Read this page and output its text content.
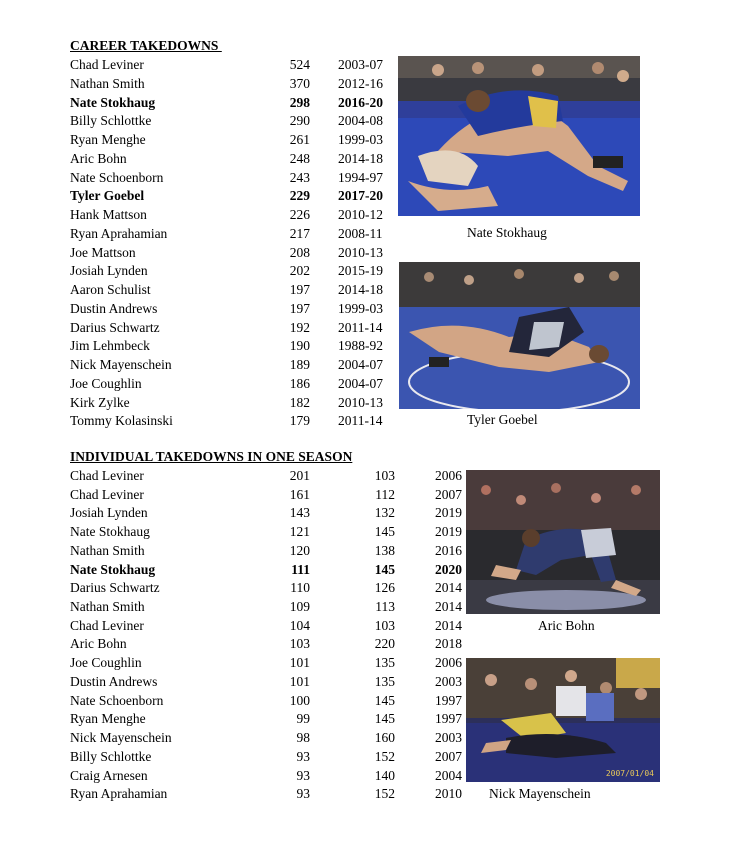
CAREER TAKEDOWNS
Chad Leviner	524 2003-07
Nathan Smith	370 2012-16
Nate Stokhaug	298 2016-20
Billy Schlottke	290 2004-08
Ryan Menghe	261 1999-03
Aric Bohn	248 2014-18
Nate Schoenborn	243 1994-97
Tyler Goebel	229 2017-20
Hank Mattson	226 2010-12
Ryan Aprahamian	217 2008-11
Joe Mattson	208 2010-13
Josiah Lynden	202 2015-19
Aaron Schulist	197 2014-18
Dustin Andrews	197 1999-03
Darius Schwartz	192 2011-14
Jim Lehmbeck	190 1988-92
Nick Mayenschein	189 2004-07
Joe Coughlin	186 2004-07
Kirk Zylke	182 2010-13
Tommy Kolasinski	179 2011-14
INDIVIDUAL TAKEDOWNS IN ONE SEASON
Chad Leviner	201	103	2006
Chad Leviner	161	112	2007
Josiah Lynden	143	132	2019
Nate Stokhaug	121	145	2019
Nathan Smith	120	138	2016
Nate Stokhaug	111	145	2020
Darius Schwartz	110	126	2014
Nathan Smith	109	113	2014
Chad Leviner	104	103	2014
Aric Bohn	103	220	2018
Joe Coughlin	101	135	2006
Dustin Andrews	101	135	2003
Nate Schoenborn	100	145	1997
Ryan Menghe	99	145	1997
Nick Mayenschein	98	160	2003
Billy Schlottke	93	152	2007
Craig Arnesen	93	140	2004
Ryan Aprahamian	93	152	2010
Nate Stokhaug
Tyler Goebel
Aric Bohn
2007/01/04
Nick Mayenschein
